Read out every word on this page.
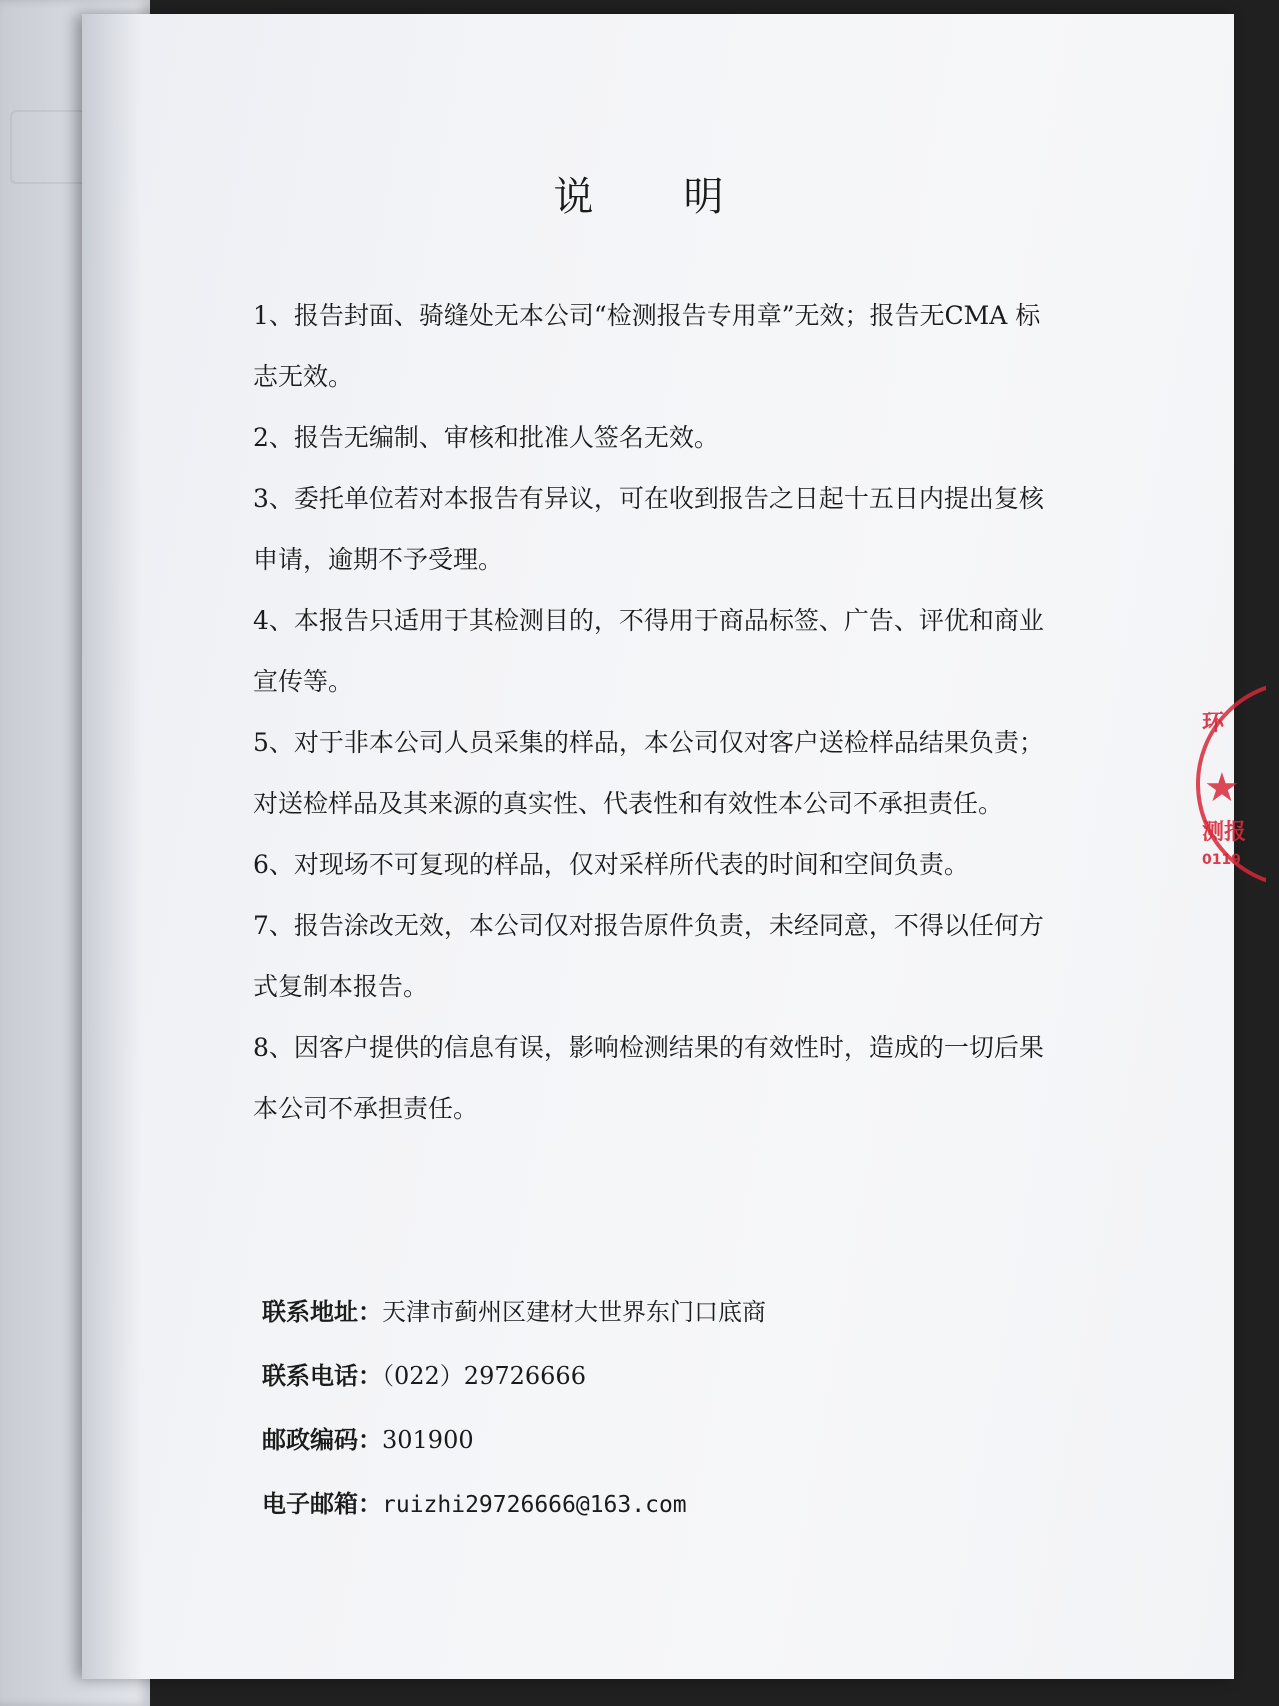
说 明

1、报告封面、骑缝处无本公司“检测报告专用章”无效；报告无CMA 标志无效。

2、报告无编制、审核和批准人签名无效。

3、委托单位若对本报告有异议，可在收到报告之日起十五日内提出复核申请，逾期不予受理。

4、本报告只适用于其检测目的，不得用于商品标签、广告、评优和商业宣传等。

5、对于非本公司人员采集的样品，本公司仅对客户送检样品结果负责；对送检样品及其来源的真实性、代表性和有效性本公司不承担责任。

6、对现场不可复现的样品，仅对采样所代表的时间和空间负责。

7、报告涂改无效，本公司仅对报告原件负责，未经同意，不得以任何方式复制本报告。

8、因客户提供的信息有误，影响检测结果的有效性时，造成的一切后果本公司不承担责任。

联系地址：天津市蓟州区建材大世界东门口底商
联系电话：（022）29726666
邮政编码：301900
电子邮箱：ruizhi29726666@163.com
环
★
测报
0119
